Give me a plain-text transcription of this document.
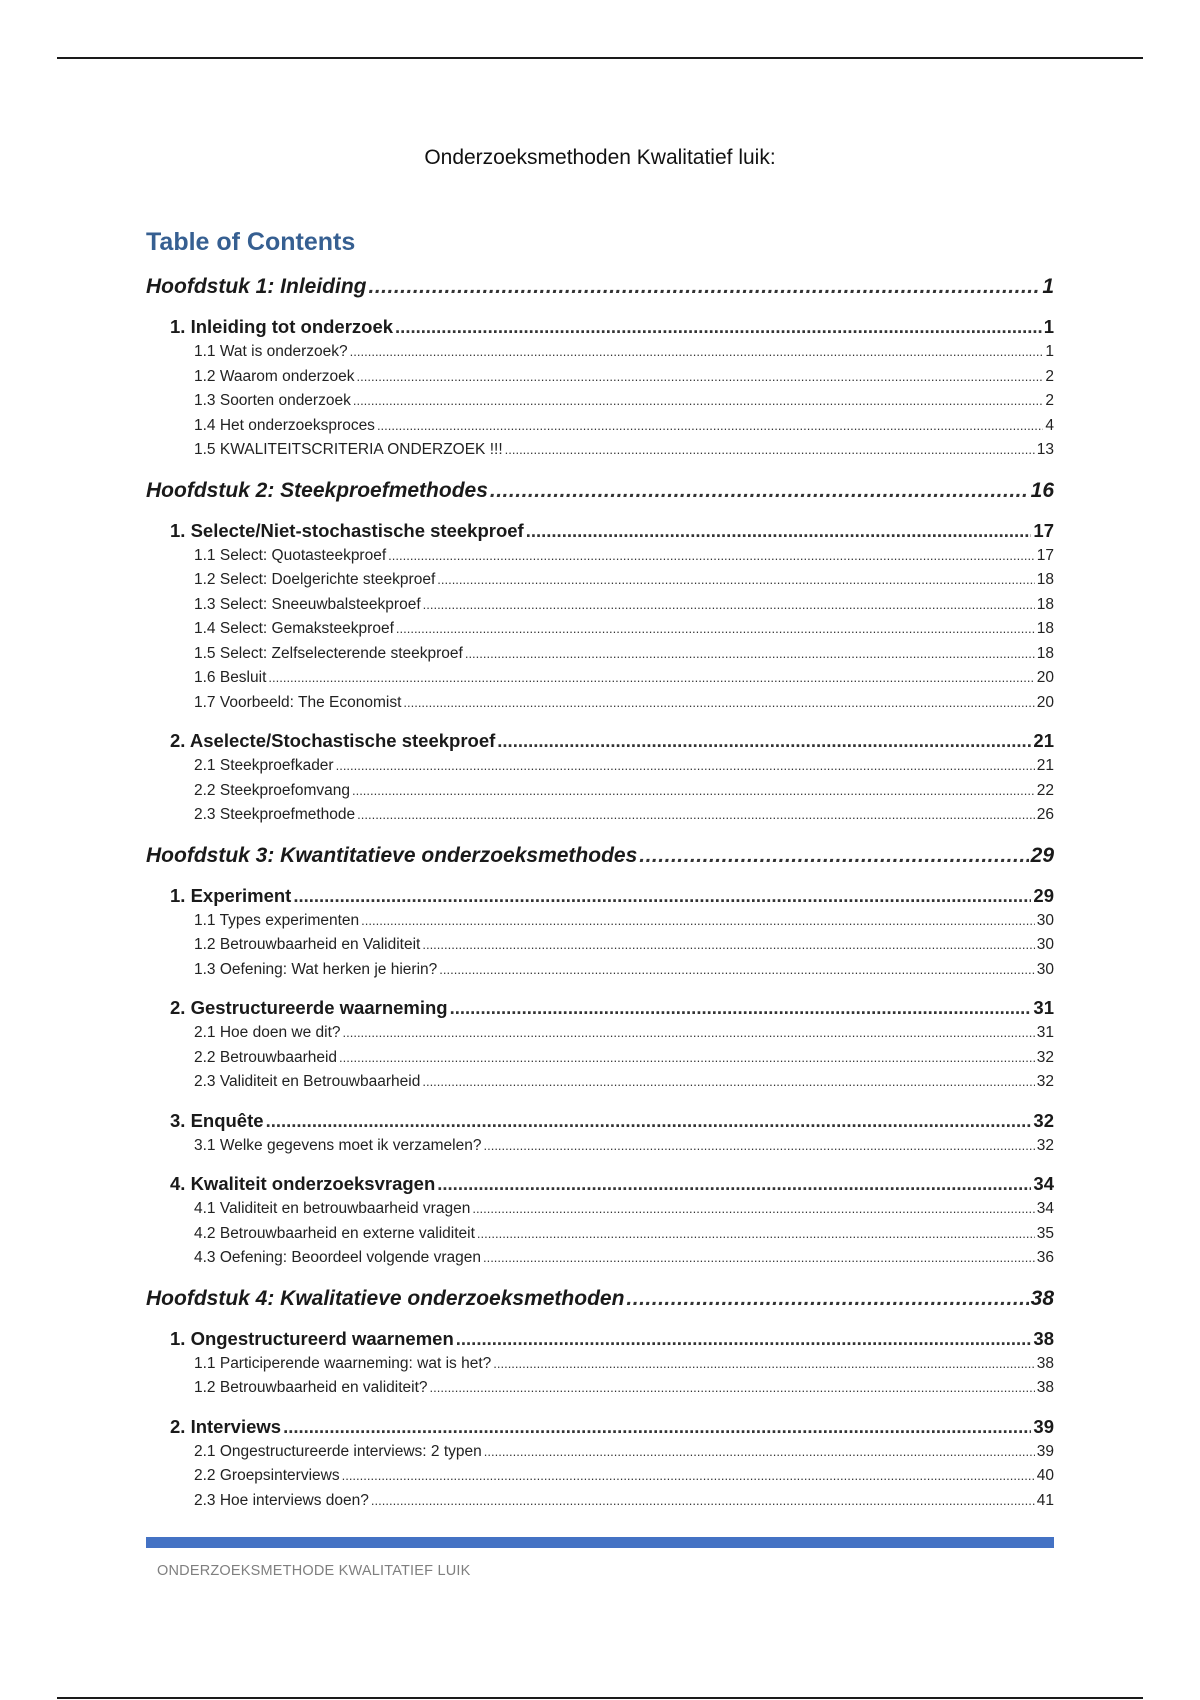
Onderzoeksmethoden Kwalitatief luik:
Table of Contents
Hoofdstuk 1: Inleiding .....	1
1. Inleiding tot onderzoek .....	1
1.1 Wat is onderzoek? .....	1
1.2 Waarom onderzoek .....	2
1.3 Soorten onderzoek .....	2
1.4 Het onderzoeksproces .....	4
1.5 KWALITEITSCRITERIA ONDERZOEK !!! .....	13
Hoofdstuk 2: Steekproefmethodes .....	16
1. Selecte/Niet-stochastische steekproef .....	17
1.1 Select: Quotasteekproef .....	17
1.2 Select: Doelgerichte steekproef .....	18
1.3 Select: Sneeuwbalsteekproef .....	18
1.4 Select: Gemaksteekproef .....	18
1.5 Select: Zelfselecterende steekproef .....	18
1.6 Besluit .....	20
1.7 Voorbeeld: The Economist .....	20
2. Aselecte/Stochastische steekproef .....	21
2.1 Steekproefkader .....	21
2.2 Steekproefomvang .....	22
2.3 Steekproefmethode .....	26
Hoofdstuk 3: Kwantitatieve onderzoeksmethodes .....	29
1. Experiment .....	29
1.1 Types experimenten .....	30
1.2 Betrouwbaarheid en Validiteit .....	30
1.3 Oefening: Wat herken je hierin? .....	30
2. Gestructureerde waarneming .....	31
2.1 Hoe doen we dit? .....	31
2.2 Betrouwbaarheid .....	32
2.3 Validiteit en Betrouwbaarheid .....	32
3. Enquête .....	32
3.1 Welke gegevens moet ik verzamelen? .....	32
4. Kwaliteit onderzoeksvragen .....	34
4.1 Validiteit en betrouwbaarheid vragen .....	34
4.2 Betrouwbaarheid en externe validiteit .....	35
4.3 Oefening: Beoordeel volgende vragen .....	36
Hoofdstuk 4: Kwalitatieve onderzoeksmethoden .....	38
1. Ongestructureerd waarnemen .....	38
1.1 Participerende waarneming: wat is het? .....	38
1.2 Betrouwbaarheid en validiteit? .....	38
2. Interviews .....	39
2.1 Ongestructureerde interviews: 2 typen .....	39
2.2 Groepsinterviews .....	40
2.3 Hoe interviews doen? .....	41
ONDERZOEKSMETHODE KWALITATIEF LUIK
